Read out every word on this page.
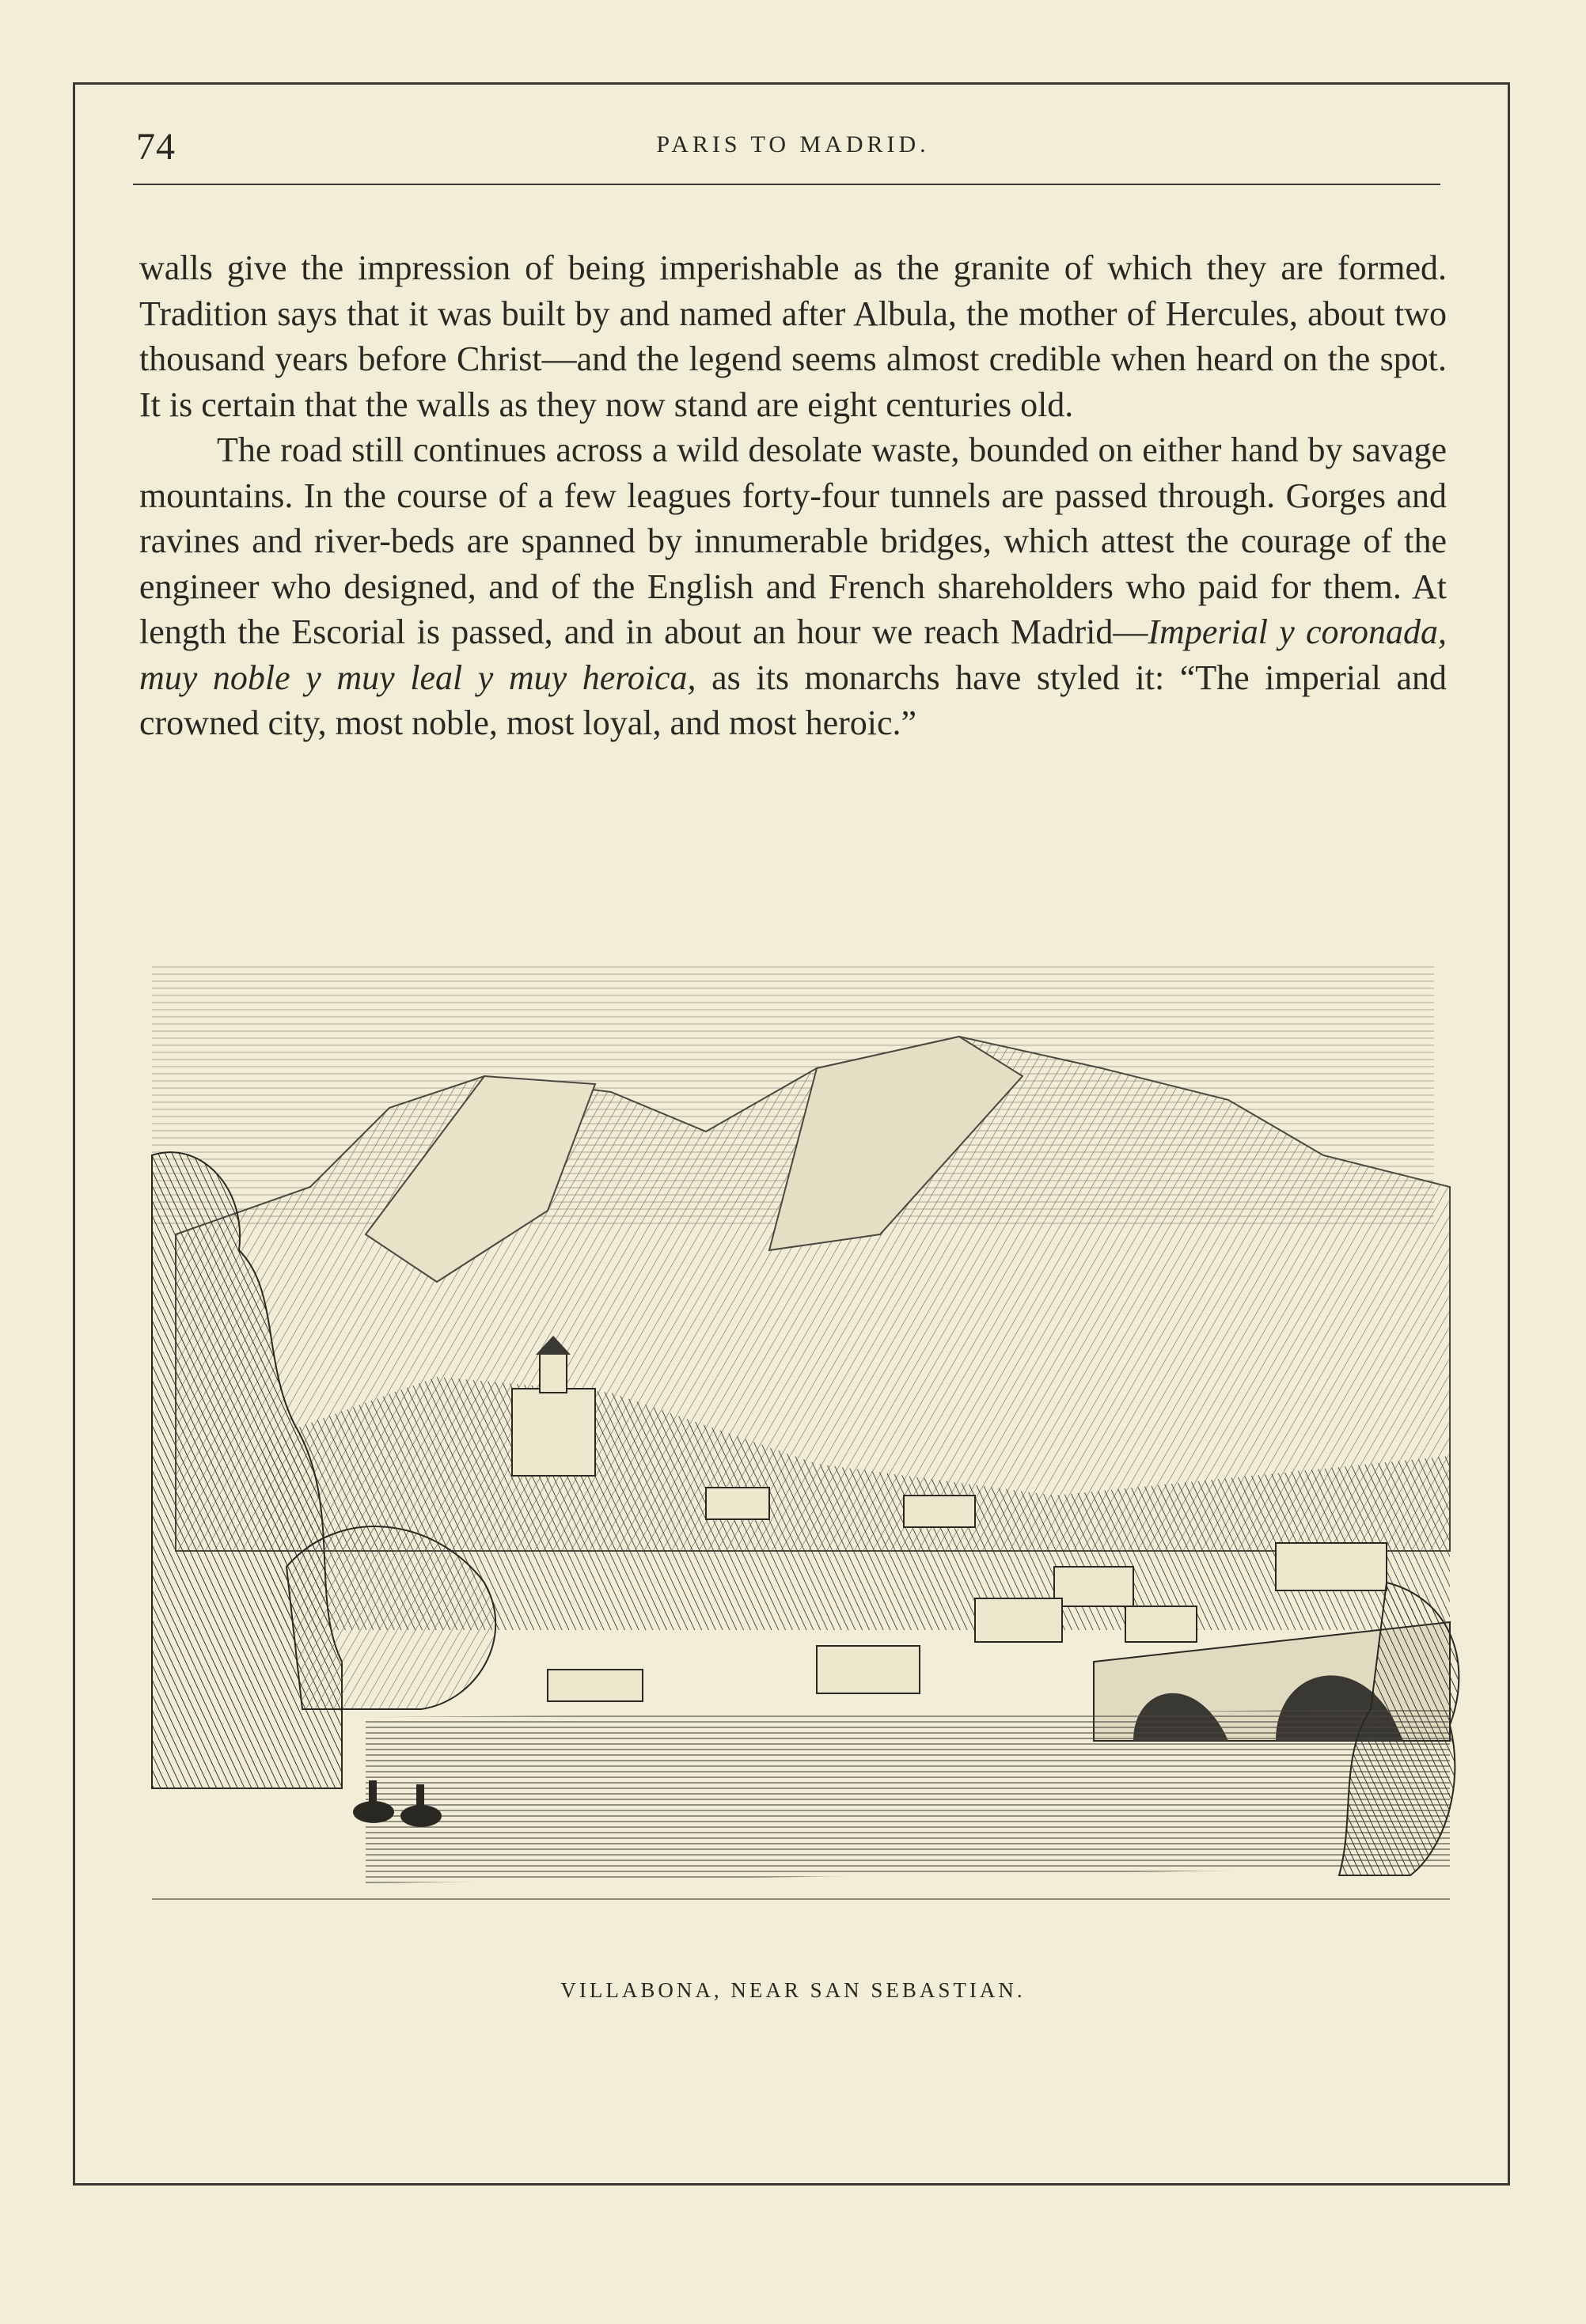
74	PARIS TO MADRID.

walls give the impression of being imperishable as the granite of which they are formed. Tradition says that it was built by and named after Albula, the mother of Hercules, about two thousand years before Christ—and the legend seems almost credible when heard on the spot. It is certain that the walls as they now stand are eight centuries old.

The road still continues across a wild desolate waste, bounded on either hand by savage mountains. In the course of a few leagues forty-four tunnels are passed through. Gorges and ravines and river-beds are spanned by innumerable bridges, which attest the courage of the engineer who designed, and of the English and French shareholders who paid for them. At length the Escorial is passed, and in about an hour we reach Madrid—Imperial y coronada, muy noble y muy leal y muy heroica, as its monarchs have styled it: “The imperial and crowned city, most noble, most loyal, and most heroic.”

VILLABONA, NEAR SAN SEBASTIAN.
